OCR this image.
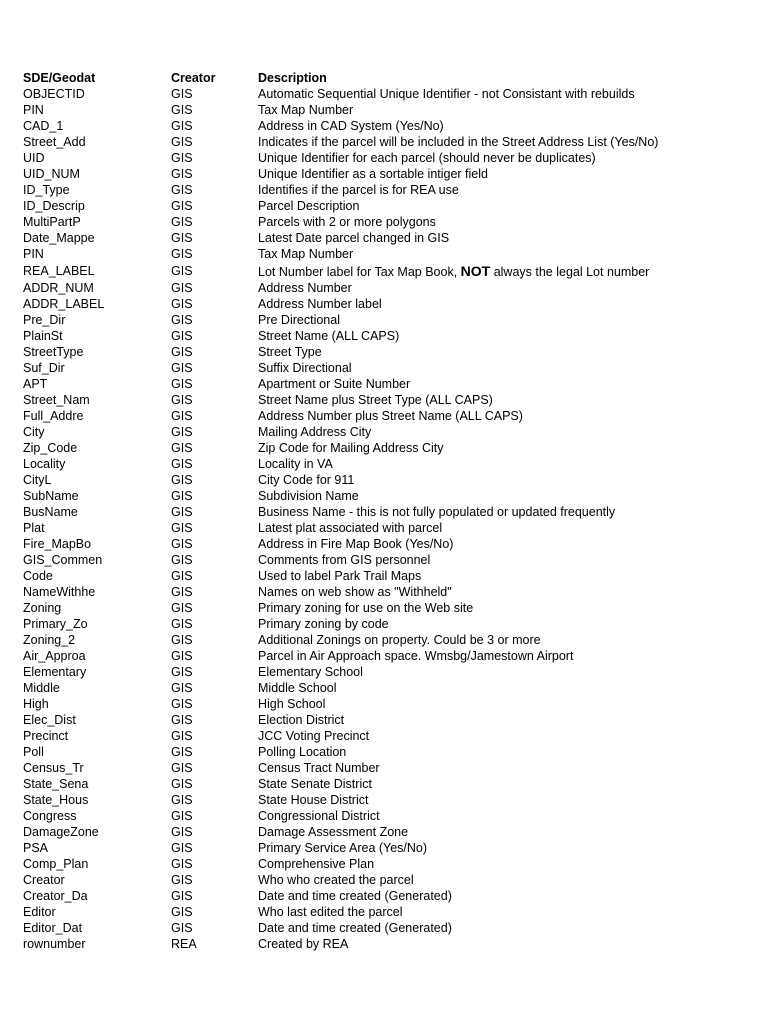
SDE/Geodat	Creator	Description
OBJECTID	GIS	Automatic Sequential Unique Identifier - not Consistant with rebuilds
PIN	GIS	Tax Map Number
CAD_1	GIS	Address in CAD System (Yes/No)
Street_Add	GIS	Indicates if the parcel will be included in the Street Address List (Yes/No)
UID	GIS	Unique Identifier for each parcel (should never be duplicates)
UID_NUM	GIS	Unique Identifier as a sortable intiger field
ID_Type	GIS	Identifies if the parcel is for REA use
ID_Descrip	GIS	Parcel Description
MultiPartP	GIS	Parcels with 2 or more polygons
Date_Mappe	GIS	Latest Date parcel changed in GIS
PIN	GIS	Tax Map Number
REA_LABEL	GIS	Lot Number label for Tax Map Book, NOT always the legal Lot number
ADDR_NUM	GIS	Address Number
ADDR_LABEL	GIS	Address Number label
Pre_Dir	GIS	Pre Directional
PlainSt	GIS	Street Name (ALL CAPS)
StreetType	GIS	Street Type
Suf_Dir	GIS	Suffix Directional
APT	GIS	Apartment or Suite Number
Street_Nam	GIS	Street Name plus Street Type (ALL CAPS)
Full_Addre	GIS	Address Number plus Street Name (ALL CAPS)
City	GIS	Mailing Address City
Zip_Code	GIS	Zip Code for Mailing Address City
Locality	GIS	Locality in VA
CityL	GIS	City Code for 911
SubName	GIS	Subdivision Name
BusName	GIS	Business Name - this is not fully populated or updated frequently
Plat	GIS	Latest plat associated with parcel
Fire_MapBo	GIS	Address in Fire Map Book (Yes/No)
GIS_Commen	GIS	Comments from GIS personnel
Code	GIS	Used to label Park Trail Maps
NameWithhe	GIS	Names on web show as "Withheld"
Zoning	GIS	Primary zoning for use on the Web site
Primary_Zo	GIS	Primary zoning by code
Zoning_2	GIS	Additional Zonings on property. Could be 3 or more
Air_Approa	GIS	Parcel in Air Approach space. Wmsbg/Jamestown Airport
Elementary	GIS	Elementary School
Middle	GIS	Middle School
High	GIS	High School
Elec_Dist	GIS	Election District
Precinct	GIS	JCC Voting Precinct
Poll	GIS	Polling Location
Census_Tr	GIS	Census Tract Number
State_Sena	GIS	State Senate District
State_Hous	GIS	State House District
Congress	GIS	Congressional District
DamageZone	GIS	Damage Assessment Zone
PSA	GIS	Primary Service Area (Yes/No)
Comp_Plan	GIS	Comprehensive Plan
Creator	GIS	Who who created the parcel
Creator_Da	GIS	Date and time created (Generated)
Editor	GIS	Who last edited the parcel
Editor_Dat	GIS	Date and time created (Generated)
rownumber	REA	Created by REA
